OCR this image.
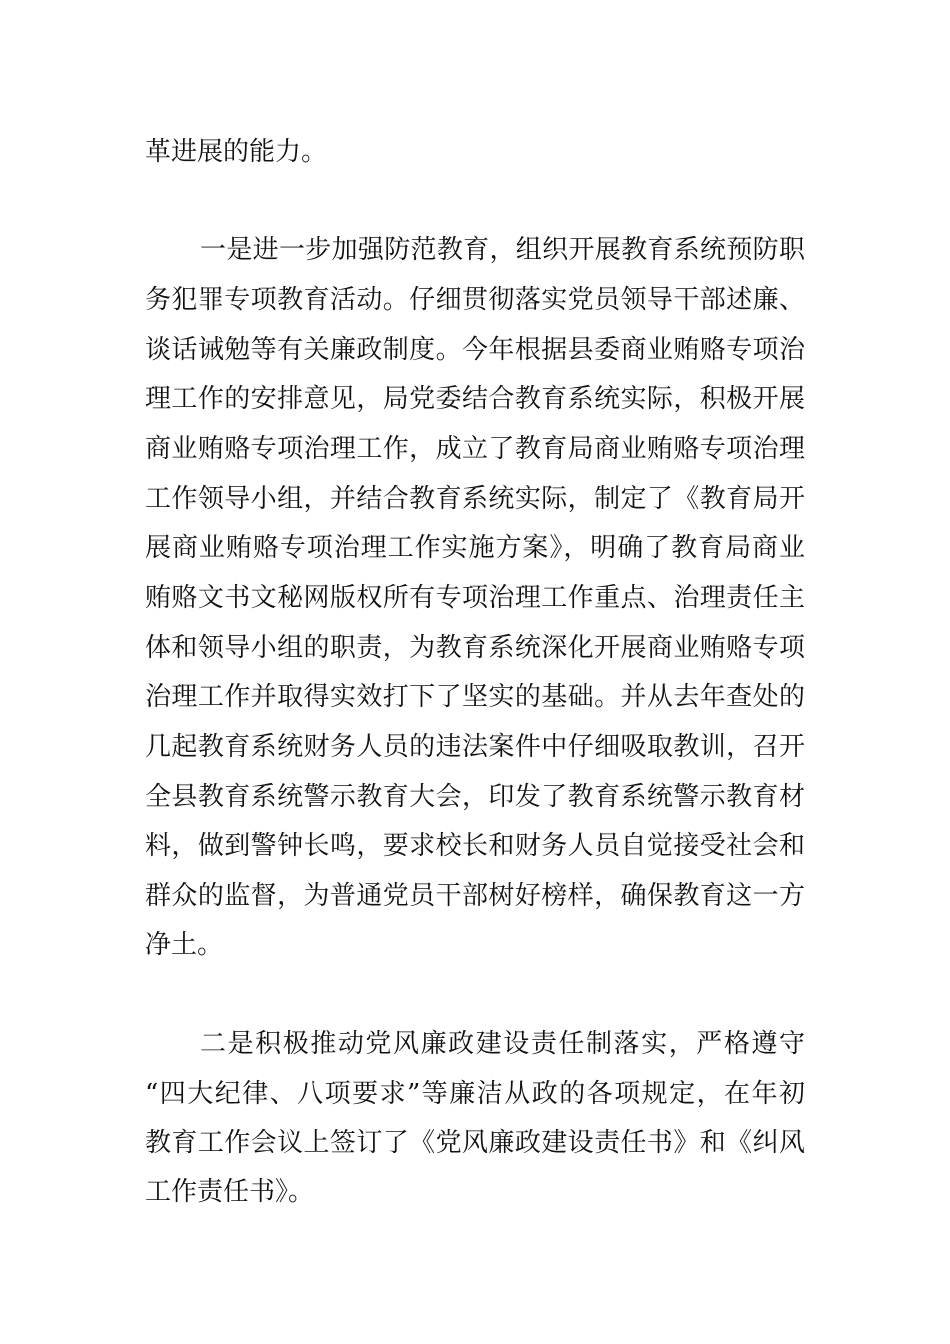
革进展的能力。
一是进一步加强防范教育，组织开展教育系统预防职
务犯罪专项教育活动。仔细贯彻落实党员领导干部述廉、
谈话诫勉等有关廉政制度。今年根据县委商业贿赂专项治
理工作的安排意见，局党委结合教育系统实际，积极开展
商业贿赂专项治理工作，成立了教育局商业贿赂专项治理
工作领导小组，并结合教育系统实际，制定了《教育局开
展商业贿赂专项治理工作实施方案》，明确了教育局商业
贿赂文书文秘网版权所有专项治理工作重点、治理责任主
体和领导小组的职责，为教育系统深化开展商业贿赂专项
治理工作并取得实效打下了坚实的基础。并从去年查处的
几起教育系统财务人员的违法案件中仔细吸取教训，召开
全县教育系统警示教育大会，印发了教育系统警示教育材
料，做到警钟长鸣，要求校长和财务人员自觉接受社会和
群众的监督，为普通党员干部树好榜样，确保教育这一方
净土。
二是积极推动党风廉政建设责任制落实，严格遵守
“四大纪律、八项要求”等廉洁从政的各项规定，在年初
教育工作会议上签订了《党风廉政建设责任书》和《纠风
工作责任书》。
